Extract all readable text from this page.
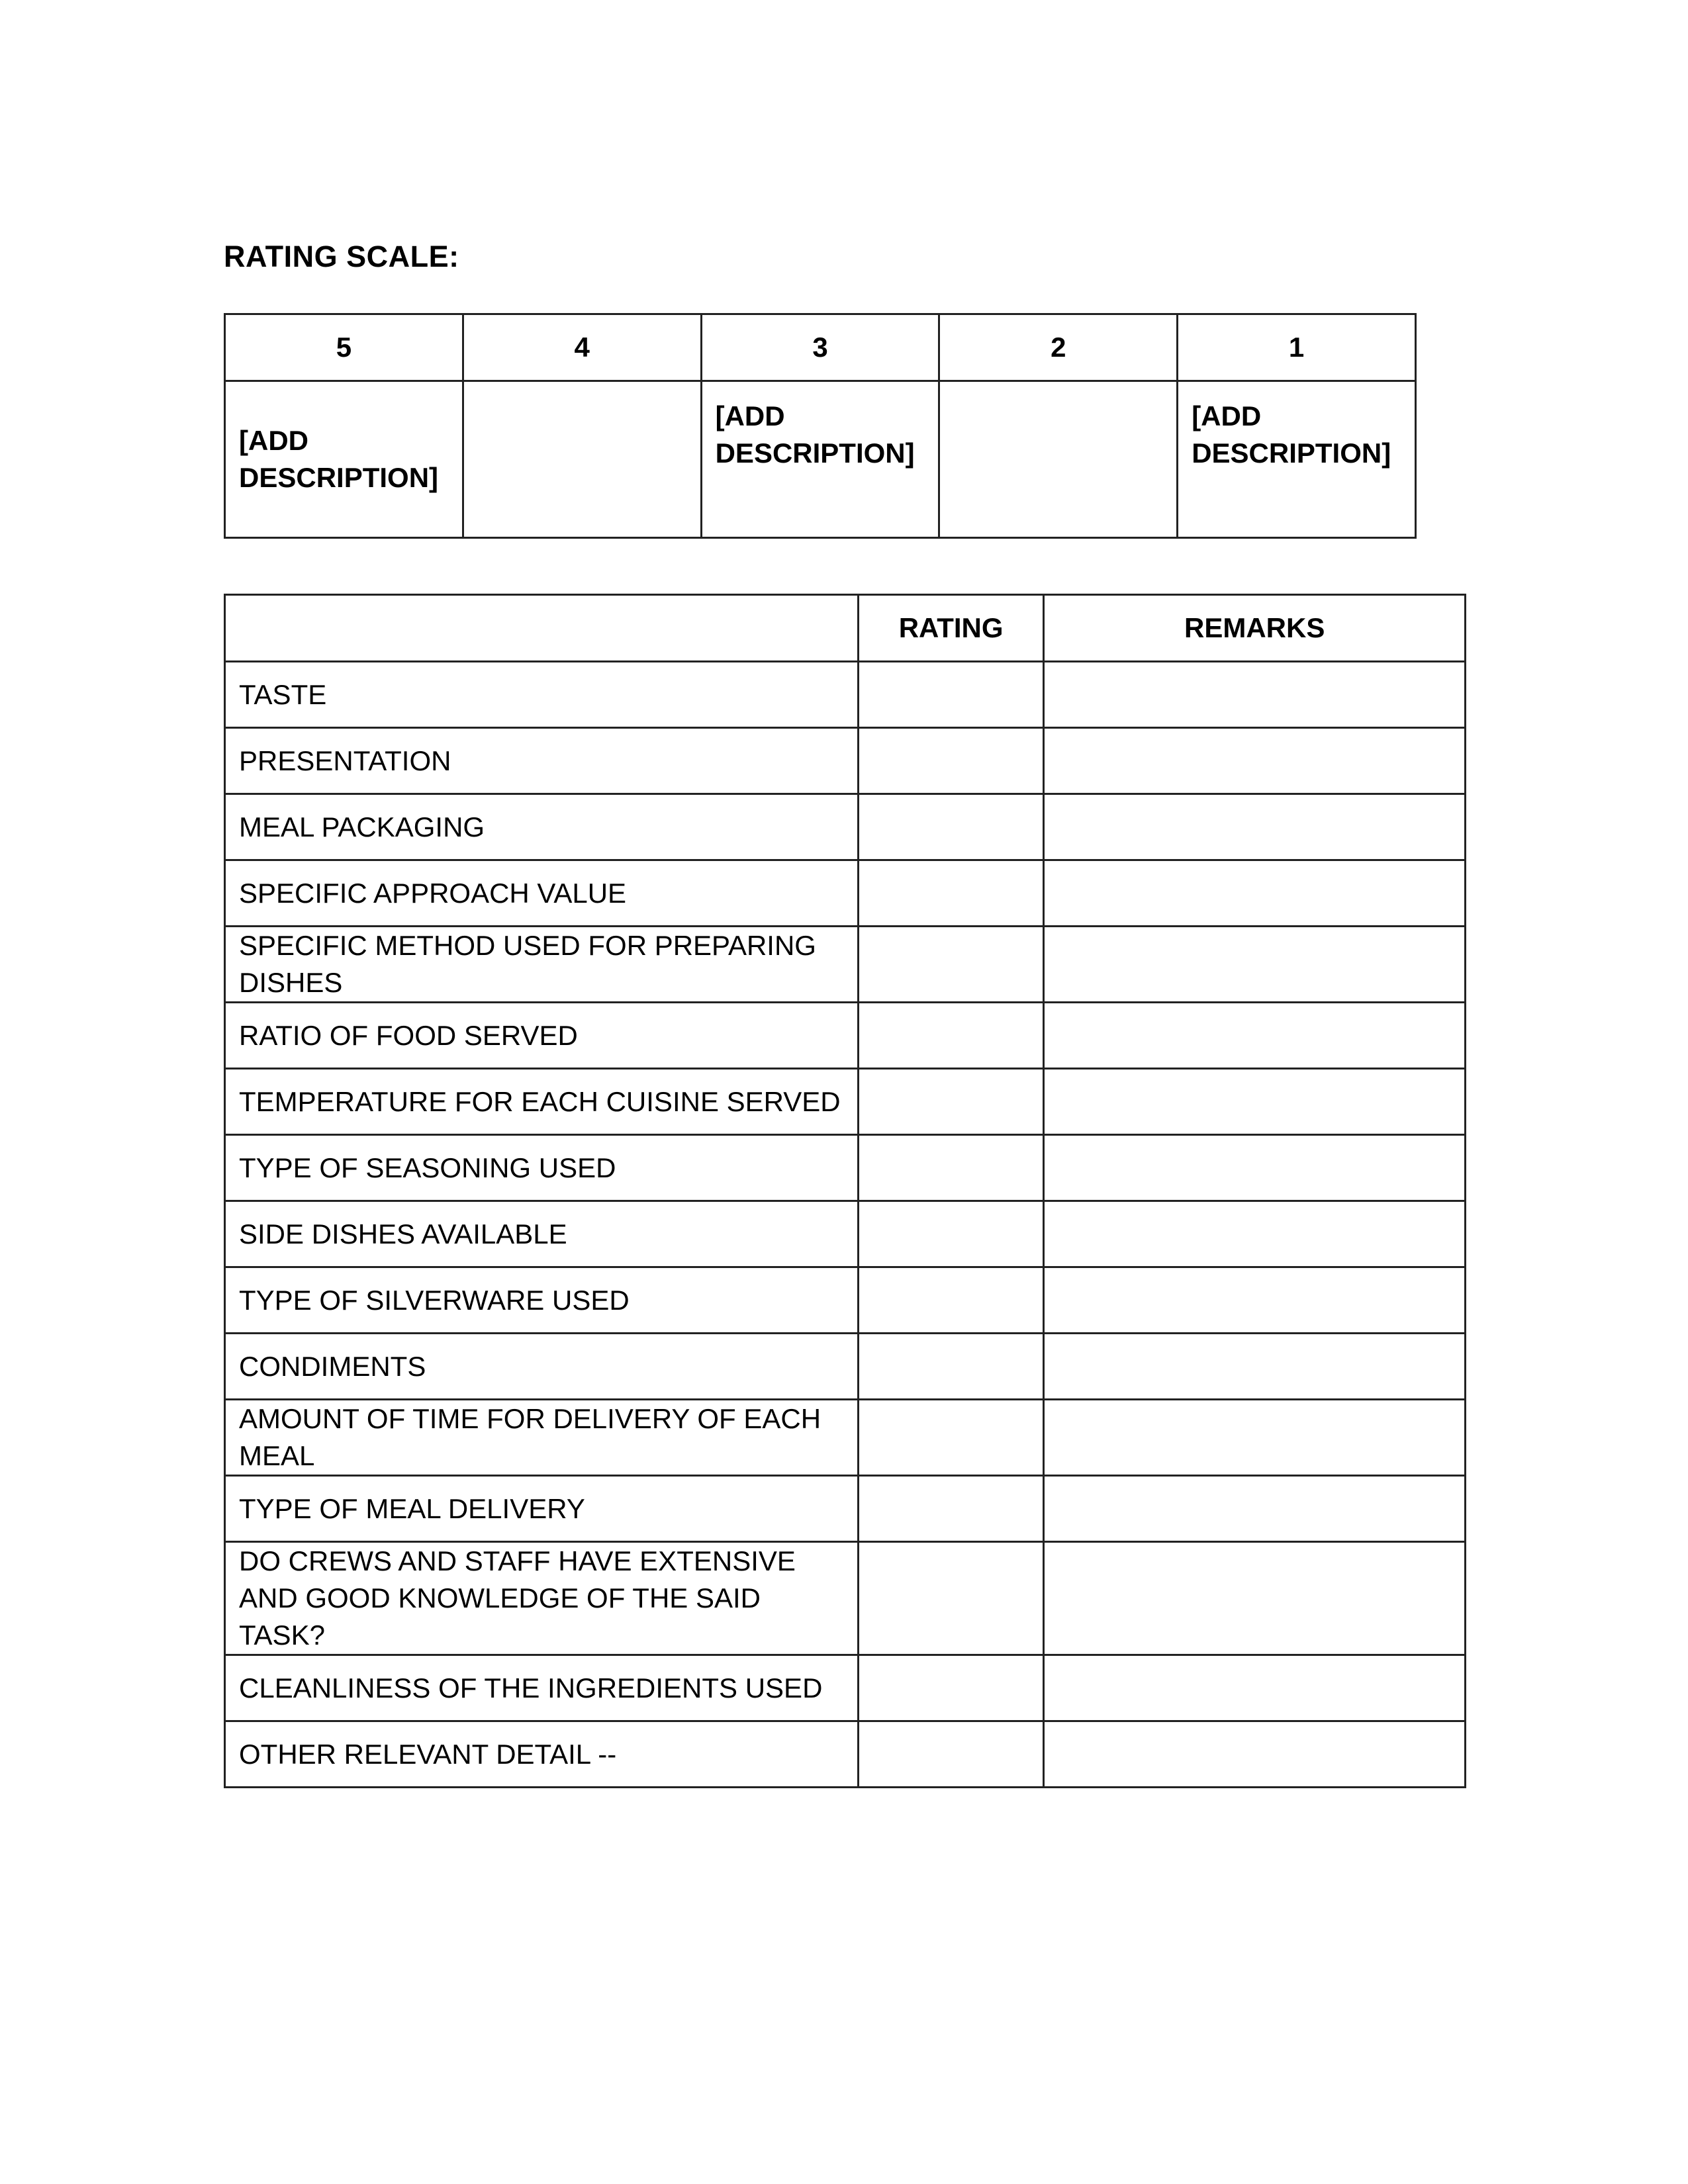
RATING SCALE:
5	4	3	2	1
[ADD DESCRIPTION]		[ADD DESCRIPTION]		[ADD DESCRIPTION]
	RATING	REMARKS
TASTE		
PRESENTATION		
MEAL PACKAGING		
SPECIFIC APPROACH VALUE		
SPECIFIC METHOD USED FOR PREPARING DISHES		
RATIO OF FOOD SERVED		
TEMPERATURE FOR EACH CUISINE SERVED		
TYPE OF SEASONING USED		
SIDE DISHES AVAILABLE		
TYPE OF SILVERWARE USED		
CONDIMENTS		
AMOUNT OF TIME FOR DELIVERY OF EACH MEAL		
TYPE OF MEAL DELIVERY		
DO CREWS AND STAFF HAVE EXTENSIVE AND GOOD KNOWLEDGE OF THE SAID TASK?		
CLEANLINESS OF THE INGREDIENTS USED		
OTHER RELEVANT DETAIL --		
